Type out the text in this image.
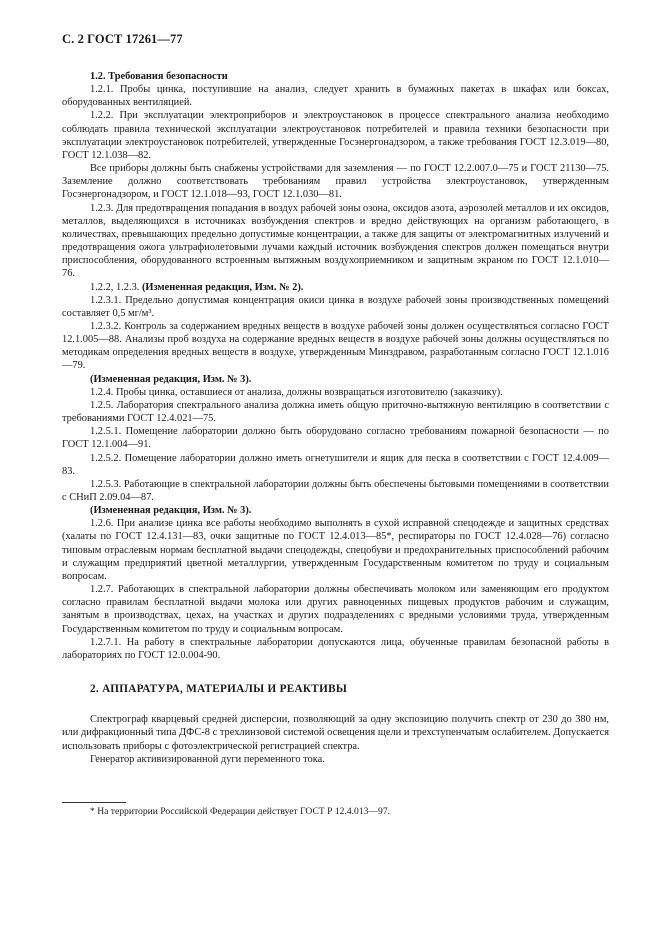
С. 2 ГОСТ 17261—77

1.2. Требования безопасности

1.2.1. Пробы цинка, поступившие на анализ, следует хранить в бумажных пакетах в шкафах или боксах, оборудованных вентиляцией.

1.2.2. При эксплуатации электроприборов и электроустановок в процессе спектрального анализа необходимо соблюдать правила технической эксплуатации электроустановок потребителей и правила техники безопасности при эксплуатации электроустановок потребителей, утвержденные Госэнергонадзором, а также требования ГОСТ 12.3.019—80, ГОСТ 12.1.038—82.

Все приборы должны быть снабжены устройствами для заземления — по ГОСТ 12.2.007.0—75 и ГОСТ 21130—75. Заземление должно соответствовать требованиям правил устройства электроустановок, утвержденным Госэнергонадзором, и ГОСТ 12.1.018—93, ГОСТ 12.1.030—81.

1.2.3. Для предотвращения попадания в воздух рабочей зоны озона, оксидов азота, аэрозолей металлов и их оксидов, металлов, выделяющихся в источниках возбуждения спектров и вредно действующих на организм работающего, в количествах, превышающих предельно допустимые концентрации, а также для защиты от электромагнитных излучений и предотвращения ожога ультрафиолетовыми лучами каждый источник возбуждения спектров должен помещаться внутри приспособления, оборудованного встроенным вытяжным воздухоприемником и защитным экраном по ГОСТ 12.1.010—76.

1.2.2, 1.2.3. (Измененная редакция, Изм. № 2).

1.2.3.1. Предельно допустимая концентрация окиси цинка в воздухе рабочей зоны производственных помещений составляет 0,5 мг/м³.

1.2.3.2. Контроль за содержанием вредных веществ в воздухе рабочей зоны должен осуществляться согласно ГОСТ 12.1.005—88. Анализы проб воздуха на содержание вредных веществ в воздухе рабочей зоны должны осуществляться по методикам определения вредных веществ в воздухе, утвержденным Минздравом, разработанным согласно ГОСТ 12.1.016—79.

(Измененная редакция, Изм. № 3).

1.2.4. Пробы цинка, оставшиеся от анализа, должны возвращаться изготовителю (заказчику).

1.2.5. Лаборатория спектрального анализа должна иметь общую приточно-вытяжную вентиляцию в соответствии с требованиями ГОСТ 12.4.021—75.

1.2.5.1. Помещение лаборатории должно быть оборудовано согласно требованиям пожарной безопасности — по ГОСТ 12.1.004—91.

1.2.5.2. Помещение лаборатории должно иметь огнетушители и ящик для песка в соответствии с ГОСТ 12.4.009—83.

1.2.5.3. Работающие в спектральной лаборатории должны быть обеспечены бытовыми помещениями в соответствии с СНиП 2.09.04—87.

(Измененная редакция, Изм. № 3).

1.2.6. При анализе цинка все работы необходимо выполнять в сухой исправной спецодежде и защитных средствах (халаты по ГОСТ 12.4.131—83, очки защитные по ГОСТ 12.4.013—85*, респираторы по ГОСТ 12.4.028—76) согласно типовым отраслевым нормам бесплатной выдачи спецодежды, спецобуви и предохранительных приспособлений рабочим и служащим предприятий цветной металлургии, утвержденным Государственным комитетом по труду и социальным вопросам.

1.2.7. Работающих в спектральной лаборатории должны обеспечивать молоком или заменяющим его продуктом согласно правилам бесплатной выдачи молока или других равноценных пищевых продуктов рабочим и служащим, занятым в производствах, цехах, на участках и других подразделениях с вредными условиями труда, утвержденным Государственным комитетом по труду и социальным вопросам.

1.2.7.1. На работу в спектральные лаборатории допускаются лица, обученные правилам безопасной работы в лабораториях по ГОСТ 12.0.004-90.

2. АППАРАТУРА, МАТЕРИАЛЫ И РЕАКТИВЫ

Спектрограф кварцевый средней дисперсии, позволяющий за одну экспозицию получить спектр от 230 до 380 нм, или дифракционный типа ДФС-8 с трехлинзовой системой освещения щели и трехступенчатым ослабителем. Допускается использовать приборы с фотоэлектрической регистрацией спектра.

Генератор активизированной дуги переменного тока.

* На территории Российской Федерации действует ГОСТ Р 12.4.013—97.
